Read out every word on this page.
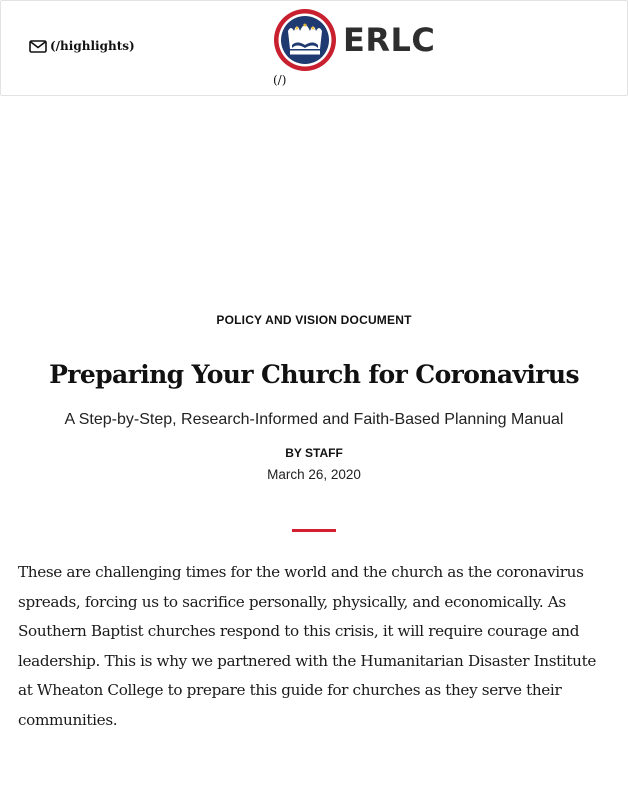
(/highlights)
★ ★ ★ ERLC
(/)
POLICY AND VISION DOCUMENT
Preparing Your Church for Coronavirus
A Step-by-Step, Research-Informed and Faith-Based Planning Manual
BY STAFF
March 26, 2020

These are challenging times for the world and the church as the coronavirus spreads, forcing us to sacrifice personally, physically, and economically. As Southern Baptist churches respond to this crisis, it will require courage and leadership. This is why we partnered with the Humanitarian Disaster Institute at Wheaton College to prepare this guide for churches as they serve their communities.
